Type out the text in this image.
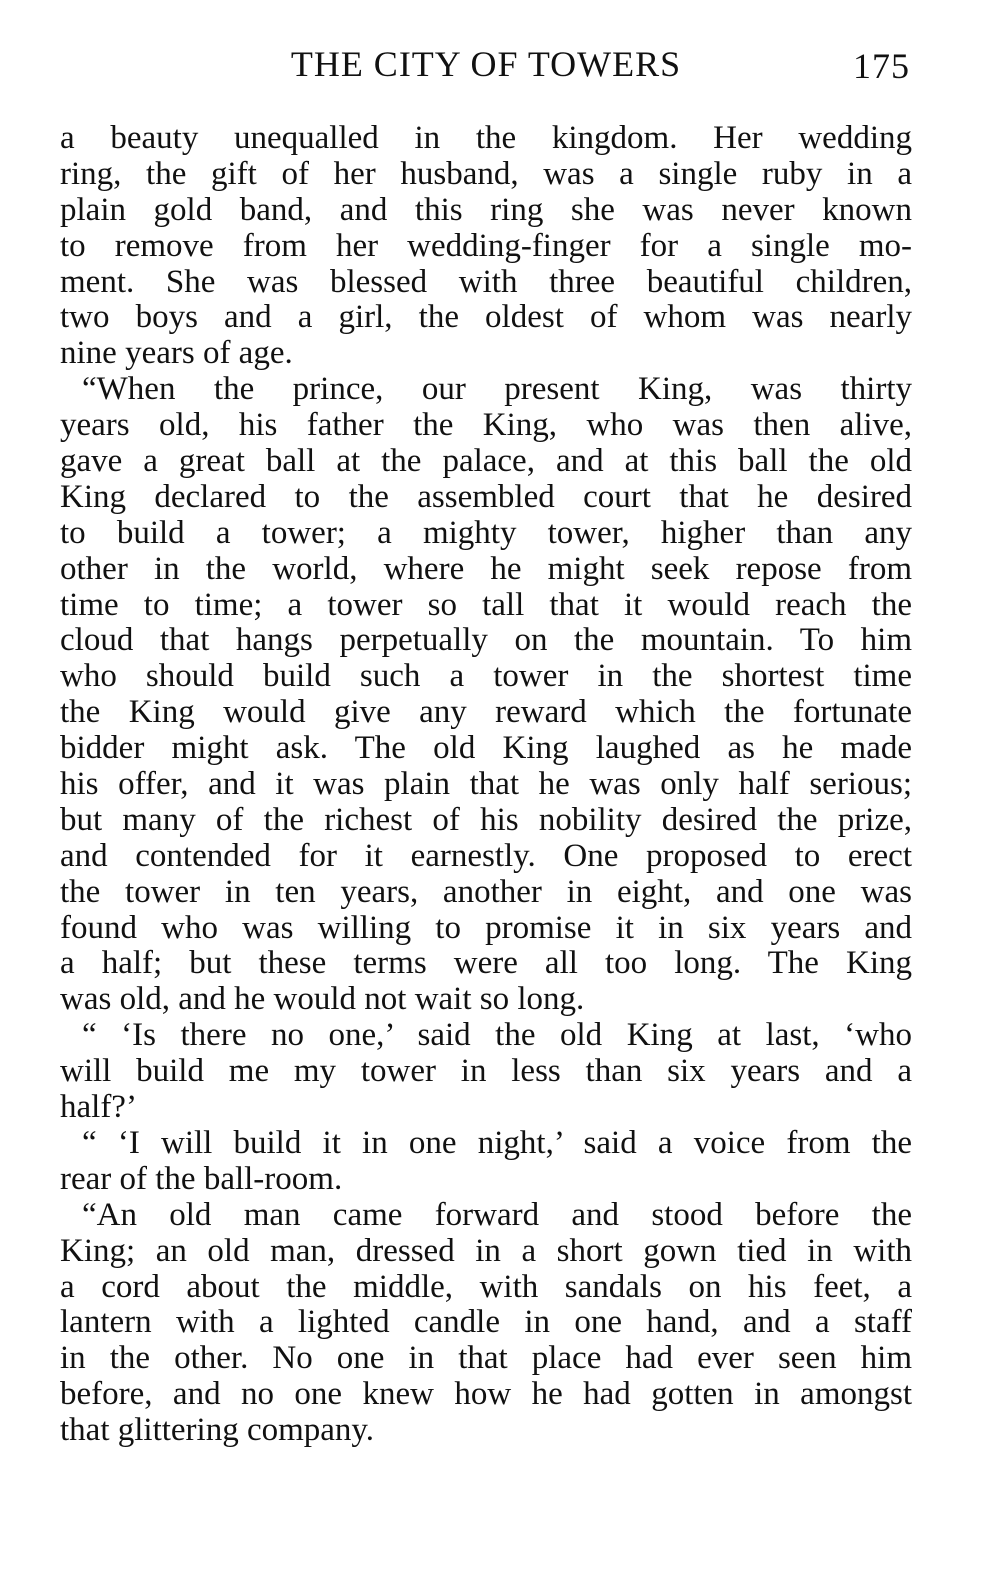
THE CITY OF TOWERS	175
a beauty unequalled in the kingdom. Her wedding
ring, the gift of her husband, was a single ruby in a
plain gold band, and this ring she was never known
to remove from her wedding-finger for a single mo-
ment. She was blessed with three beautiful children,
two boys and a girl, the oldest of whom was nearly
nine years of age.
“When the prince, our present King, was thirty
years old, his father the King, who was then alive,
gave a great ball at the palace, and at this ball the old
King declared to the assembled court that he desired
to build a tower; a mighty tower, higher than any
other in the world, where he might seek repose from
time to time; a tower so tall that it would reach the
cloud that hangs perpetually on the mountain. To him
who should build such a tower in the shortest time
the King would give any reward which the fortunate
bidder might ask. The old King laughed as he made
his offer, and it was plain that he was only half serious;
but many of the richest of his nobility desired the prize,
and contended for it earnestly. One proposed to erect
the tower in ten years, another in eight, and one was
found who was willing to promise it in six years and
a half; but these terms were all too long. The King
was old, and he would not wait so long.
“ ‘Is there no one,’ said the old King at last, ‘who
will build me my tower in less than six years and a
half?’
“ ‘I will build it in one night,’ said a voice from the
rear of the ball-room.
“An old man came forward and stood before the
King; an old man, dressed in a short gown tied in with
a cord about the middle, with sandals on his feet, a
lantern with a lighted candle in one hand, and a staff
in the other. No one in that place had ever seen him
before, and no one knew how he had gotten in amongst
that glittering company.
